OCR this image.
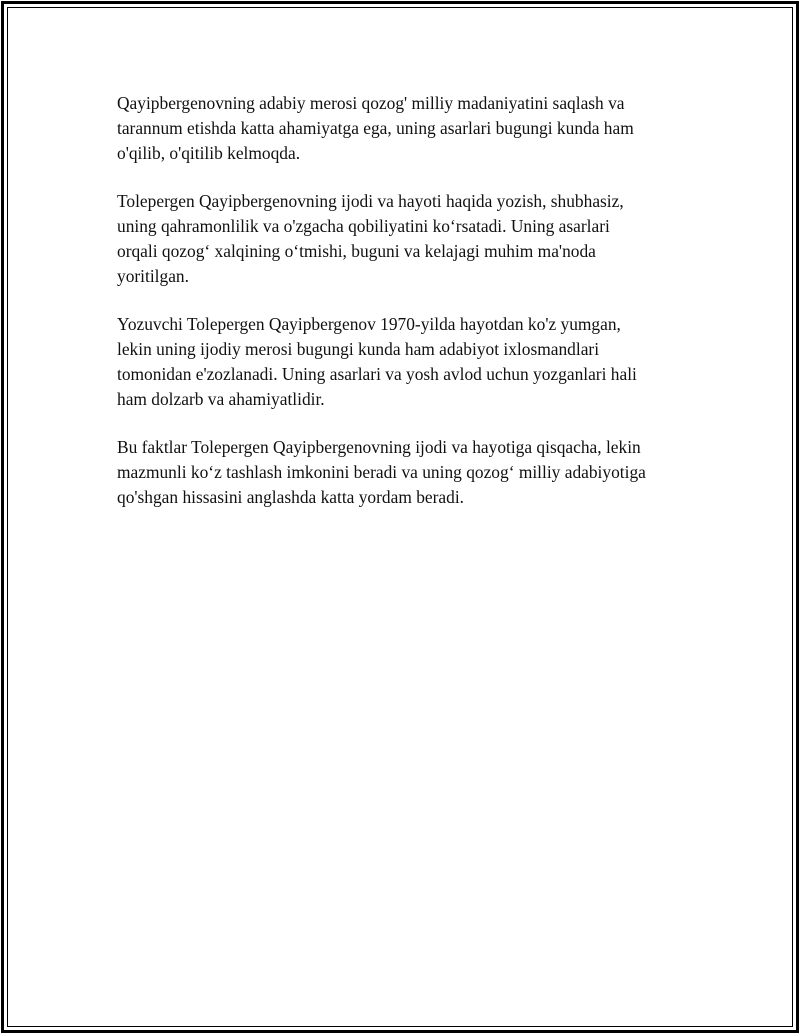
Qayipbergenovning adabiy merosi qozog' milliy madaniyatini saqlash va
tarannum etishda katta ahamiyatga ega, uning asarlari bugungi kunda ham
o'qilib, o'qitilib kelmoqda.

Tolepergen Qayipbergenovning ijodi va hayoti haqida yozish, shubhasiz,
uning qahramonlilik va o'zgacha qobiliyatini ko‘rsatadi. Uning asarlari
orqali qozog‘ xalqining o‘tmishi, buguni va kelajagi muhim ma'noda
yoritilgan.

Yozuvchi Tolepergen Qayipbergenov 1970-yilda hayotdan ko'z yumgan,
lekin uning ijodiy merosi bugungi kunda ham adabiyot ixlosmandlari
tomonidan e'zozlanadi. Uning asarlari va yosh avlod uchun yozganlari hali
ham dolzarb va ahamiyatlidir.

Bu faktlar Tolepergen Qayipbergenovning ijodi va hayotiga qisqacha, lekin
mazmunli ko‘z tashlash imkonini beradi va uning qozog‘ milliy adabiyotiga
qo'shgan hissasini anglashda katta yordam beradi.
